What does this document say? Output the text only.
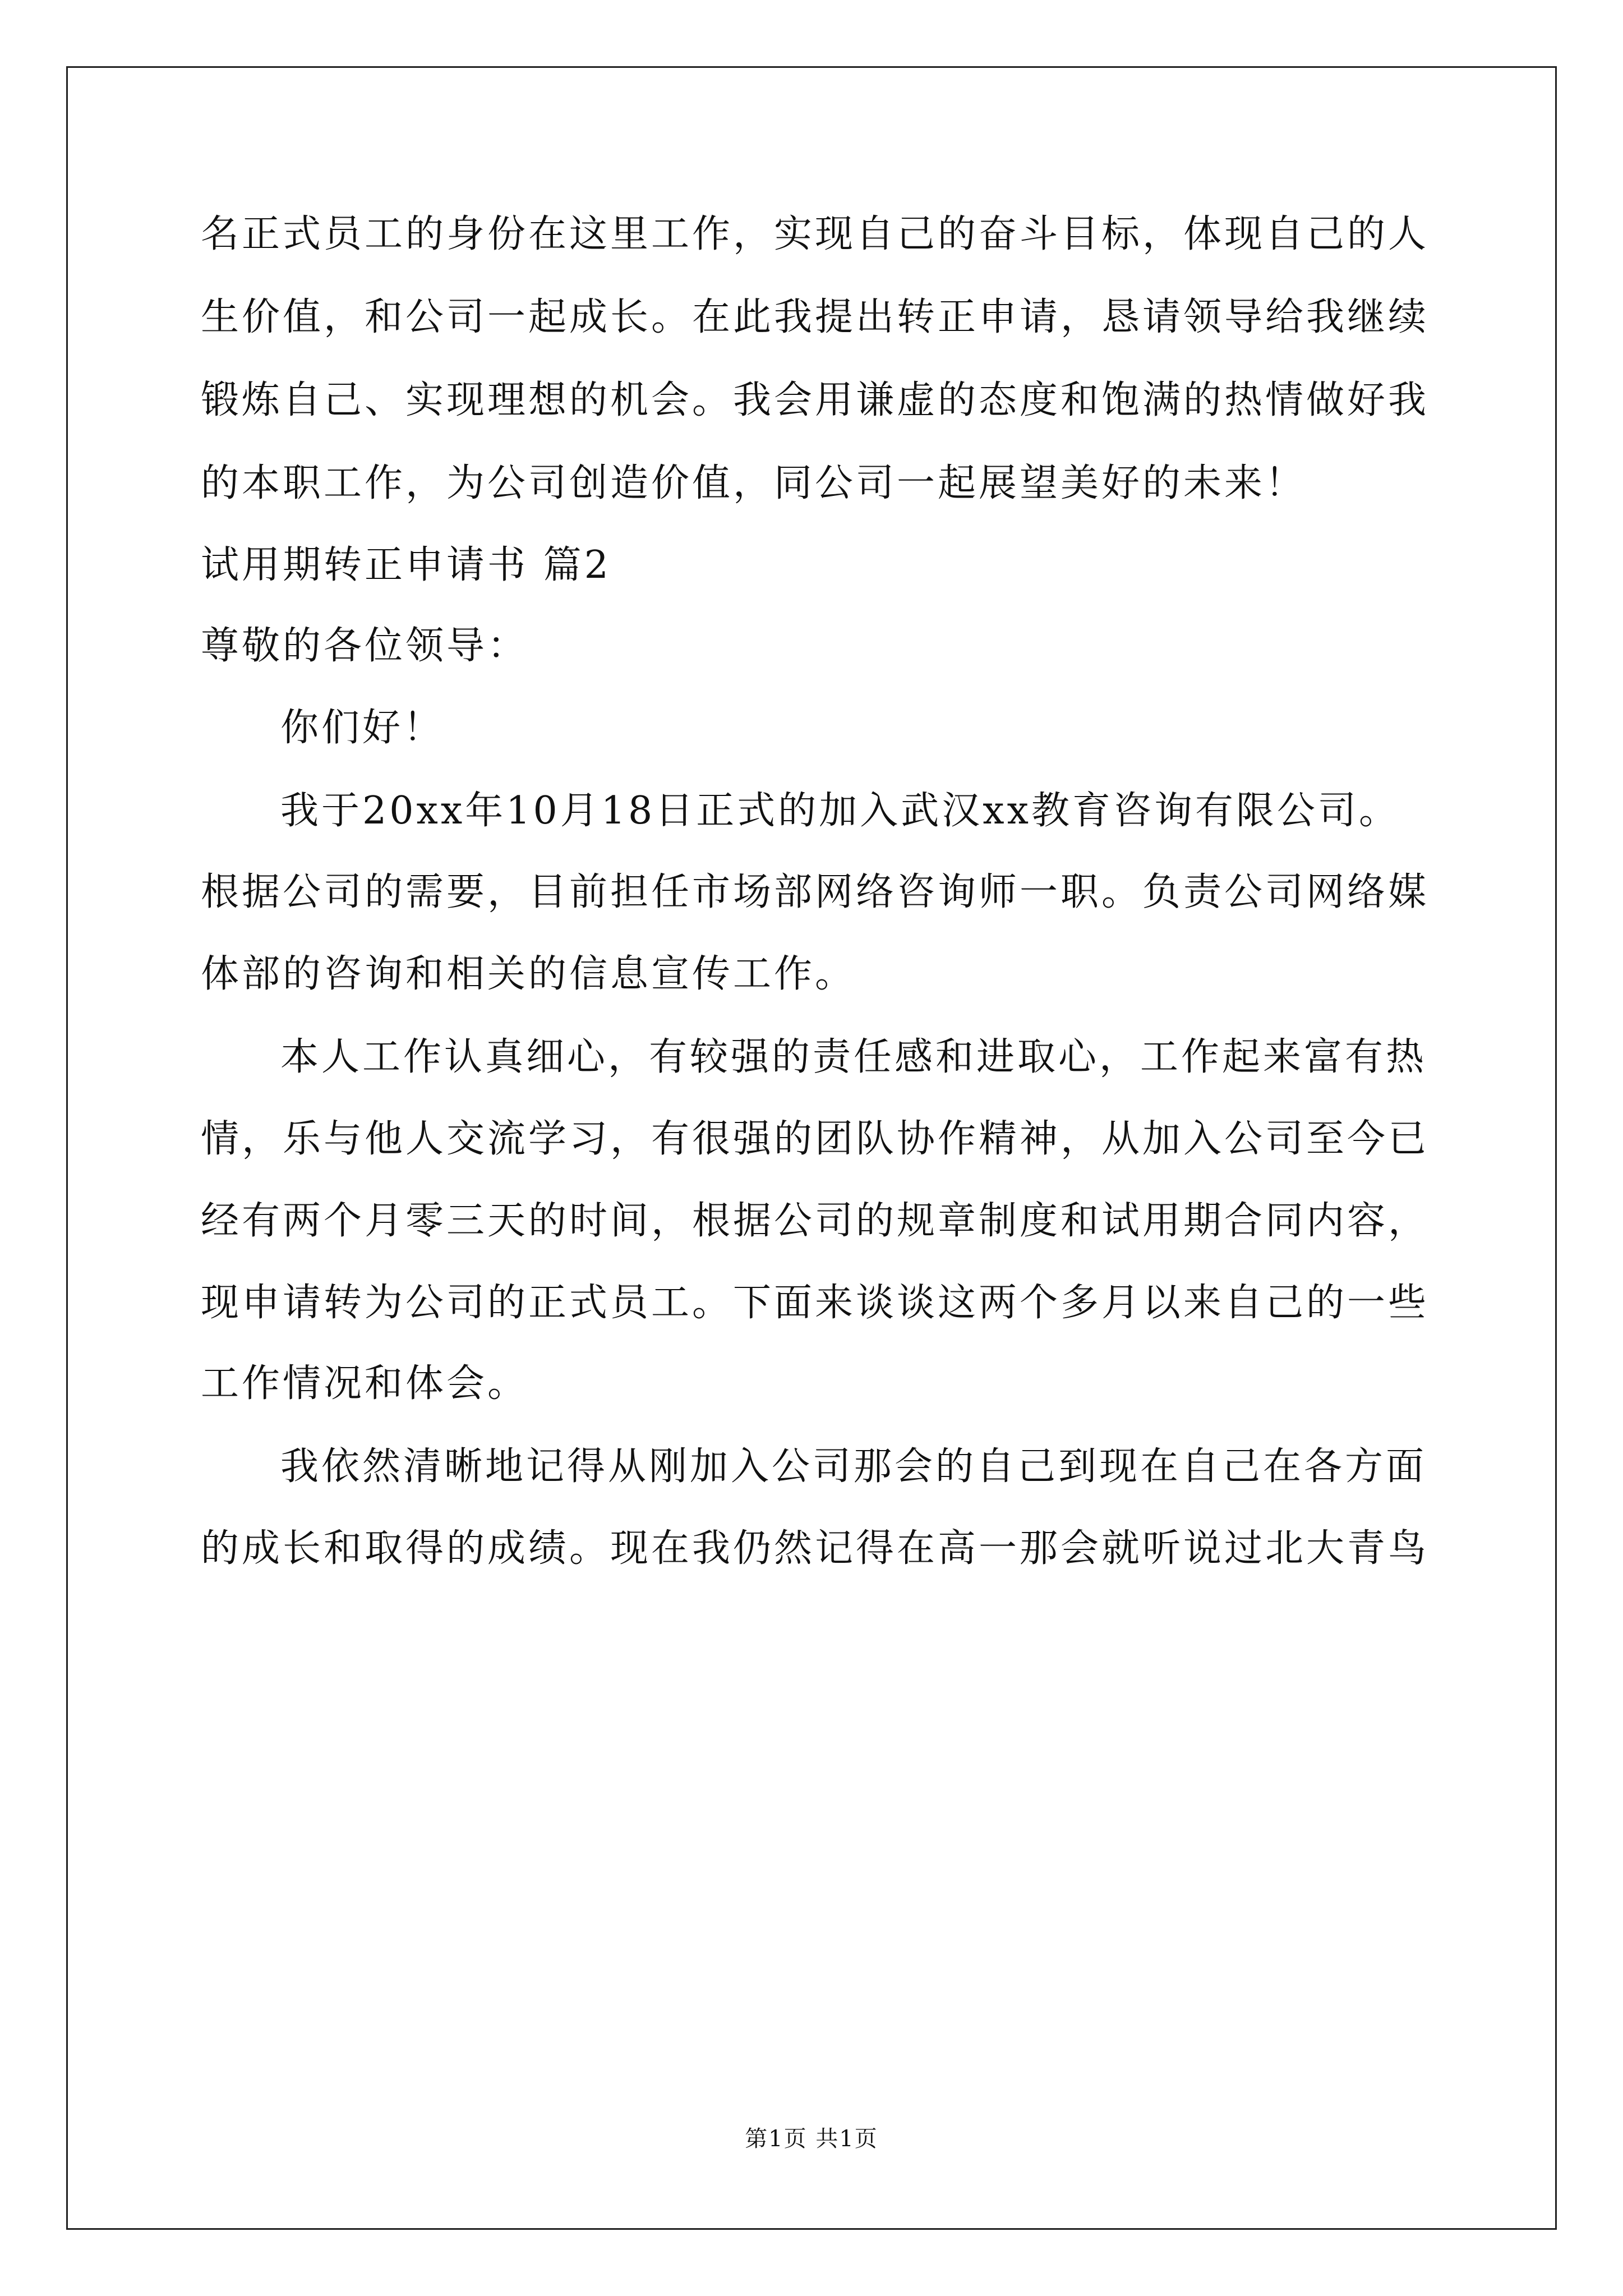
名正式员工的身份在这里工作，实现自己的奋斗目标，体现自己的人
生价值，和公司一起成长。在此我提出转正申请，恳请领导给我继续
锻炼自己、实现理想的机会。我会用谦虚的态度和饱满的热情做好我
的本职工作，为公司创造价值，同公司一起展望美好的未来！
试用期转正申请书 篇2
尊敬的各位领导：
你们好！
我于20xx年10月18日正式的加入武汉xx教育咨询有限公司。
根据公司的需要，目前担任市场部网络咨询师一职。负责公司网络媒
体部的咨询和相关的信息宣传工作。
本人工作认真细心，有较强的责任感和进取心，工作起来富有热
情，乐与他人交流学习，有很强的团队协作精神，从加入公司至今已
经有两个月零三天的时间，根据公司的规章制度和试用期合同内容，
现申请转为公司的正式员工。下面来谈谈这两个多月以来自己的一些
工作情况和体会。
我依然清晰地记得从刚加入公司那会的自己到现在自己在各方面
的成长和取得的成绩。现在我仍然记得在高一那会就听说过北大青鸟
第1页 共1页
